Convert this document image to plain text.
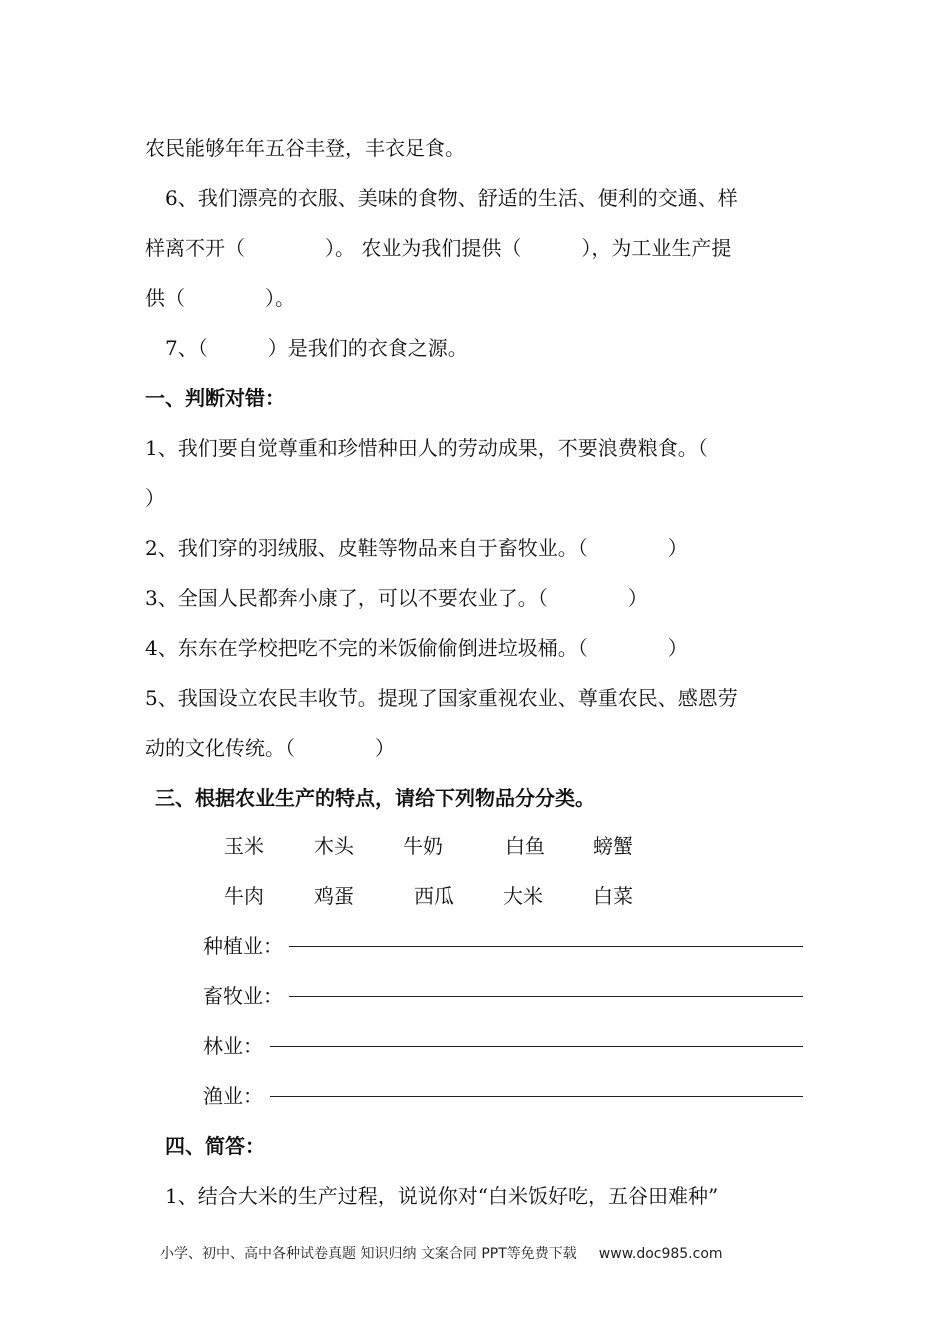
农民能够年年五谷丰登，丰衣足食。
6、我们漂亮的衣服、美味的食物、舒适的生活、便利的交通、样
样离不开（　　　　）。 农业为我们提供（　　　），为工业生产提
供（　　　　）。
7、（　　　）是我们的衣食之源。
一、判断对错：
1、我们要自觉尊重和珍惜种田人的劳动成果，不要浪费粮食。（
）
2、我们穿的羽绒服、皮鞋等物品来自于畜牧业。（　　　　）
3、全国人民都奔小康了，可以不要农业了。（　　　　）
4、东东在学校把吃不完的米饭偷偷倒进垃圾桶。（　　　　）
5、我国设立农民丰收节。提现了国家重视农业、尊重农民、感恩劳
动的文化传统。（　　　　）
三、根据农业生产的特点，请给下列物品分分类。
玉米	木头 牛奶	白鱼 螃蟹
牛肉	鸡蛋	西瓜 大米	白菜
种植业：
畜牧业：
林业：
渔业：
四、简答：
1、结合大米的生产过程，说说你对“白米饭好吃，五谷田难种”
小学、初中、高中各种试卷真题 知识归纳 文案合同 PPT等免费下载 www.doc985.com
